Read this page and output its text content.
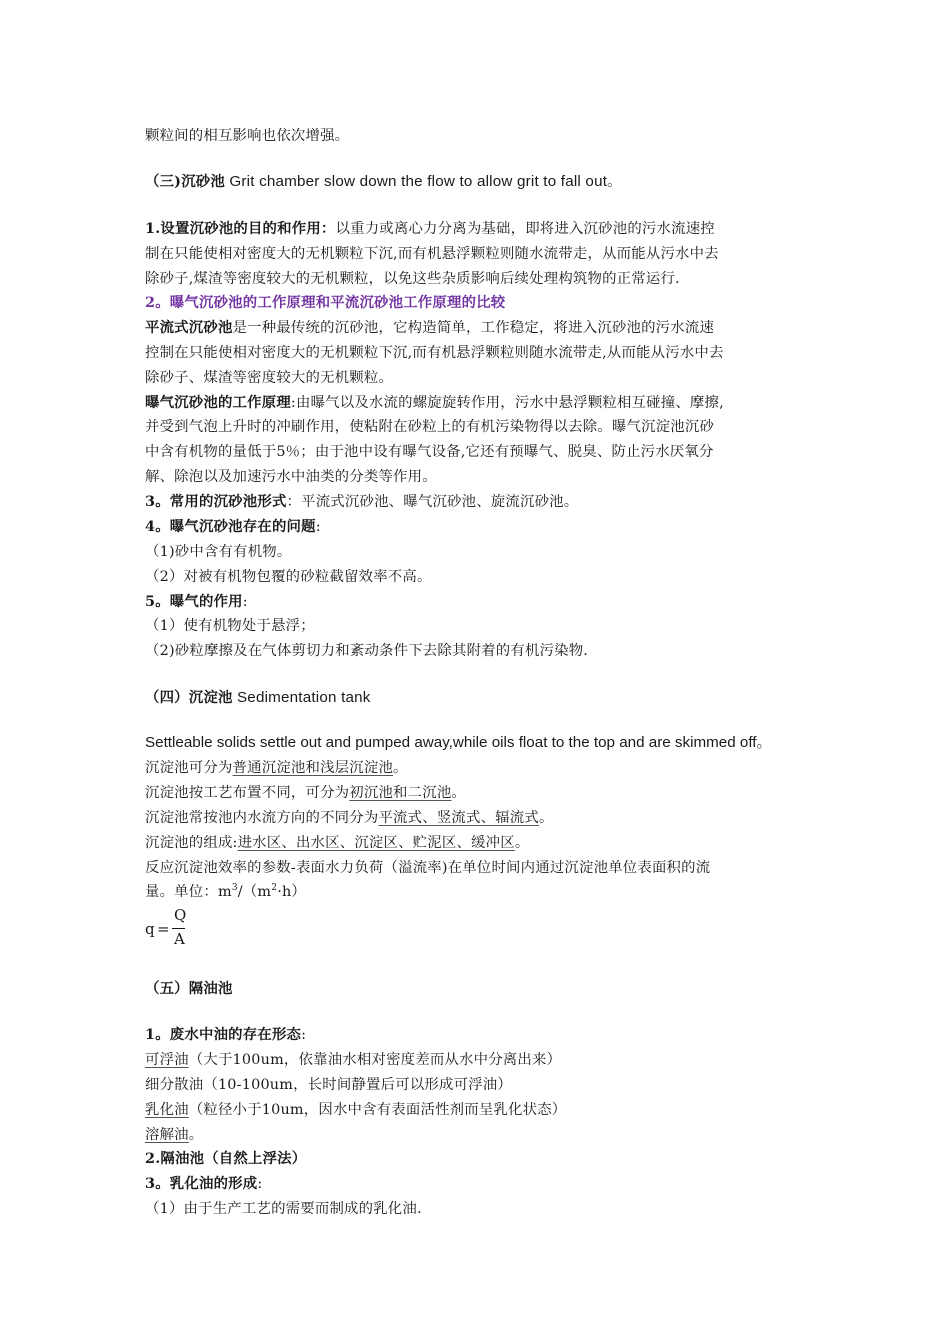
颗粒间的相互影响也依次增强。
（三)沉砂池 Grit chamber slow down the flow to allow grit to fall out。
1.设置沉砂池的目的和作用：以重力或离心力分离为基础，即将进入沉砂池的污水流速控
制在只能使相对密度大的无机颗粒下沉,而有机悬浮颗粒则随水流带走，从而能从污水中去
除砂子,煤渣等密度较大的无机颗粒，以免这些杂质影响后续处理构筑物的正常运行.
2。曝气沉砂池的工作原理和平流沉砂池工作原理的比较
平流式沉砂池是一种最传统的沉砂池，它构造简单，工作稳定，将进入沉砂池的污水流速
控制在只能使相对密度大的无机颗粒下沉,而有机悬浮颗粒则随水流带走,从而能从污水中去
除砂子、煤渣等密度较大的无机颗粒。
曝气沉砂池的工作原理:由曝气以及水流的螺旋旋转作用，污水中悬浮颗粒相互碰撞、摩擦,
并受到气泡上升时的冲刷作用，使粘附在砂粒上的有机污染物得以去除。曝气沉淀池沉砂
中含有机物的量低于5％；由于池中设有曝气设备,它还有预曝气、脱臭、防止污水厌氧分
解、除泡以及加速污水中油类的分类等作用。
3。常用的沉砂池形式：平流式沉砂池、曝气沉砂池、旋流沉砂池。
4。曝气沉砂池存在的问题:
（1)砂中含有有机物。
（2）对被有机物包覆的砂粒截留效率不高。
5。曝气的作用:
（1）使有机物处于悬浮；
（2)砂粒摩擦及在气体剪切力和紊动条件下去除其附着的有机污染物.
（四）沉淀池 Sedimentation tank
Settleable solids settle out and pumped away,while oils float to the top and are skimmed off。
沉淀池可分为普通沉淀池和浅层沉淀池。
沉淀池按工艺布置不同，可分为初沉池和二沉池。
沉淀池常按池内水流方向的不同分为平流式、竖流式、辐流式。
沉淀池的组成:进水区、出水区、沉淀区、贮泥区、缓冲区。
反应沉淀池效率的参数-表面水力负荷（溢流率)在单位时间内通过沉淀池单位表面积的流
量。单位：$m^3/(m^2\cdot h)$
q =
Q
A
（五）隔油池
1。废水中油的存在形态:
可浮油（大于100um，依靠油水相对密度差而从水中分离出来）
细分散油（10-100um，长时间静置后可以形成可浮油）
乳化油（粒径小于10um，因水中含有表面活性剂而呈乳化状态）
溶解油。
2.隔油池（自然上浮法）
3。乳化油的形成:
（1）由于生产工艺的需要而制成的乳化油.
